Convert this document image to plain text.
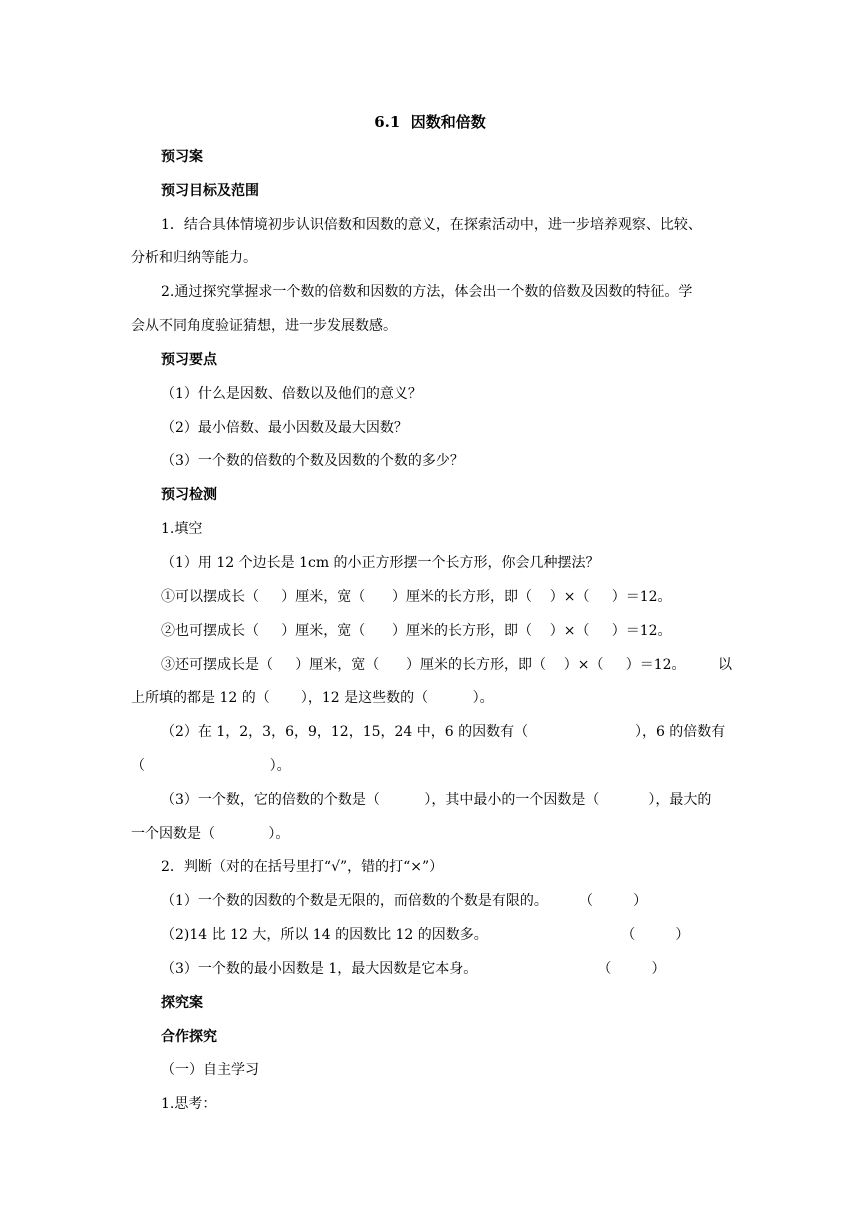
6.1  因数和倍数
预习案
预习目标及范围
1．结合具体情境初步认识倍数和因数的意义，在探索活动中，进一步培养观察、比较、
分析和归纳等能力。
2.通过探究掌握求一个数的倍数和因数的方法，体会出一个数的倍数及因数的特征。学
会从不同角度验证猜想，进一步发展数感。
预习要点
（1）什么是因数、倍数以及他们的意义？
（2）最小倍数、最小因数及最大因数？
（3）一个数的倍数的个数及因数的个数的多少？
预习检测
1.填空
（1）用 12 个边长是 1cm 的小正方形摆一个长方形，你会几种摆法？
①可以摆成长（     ）厘米，宽（      ）厘米的长方形，即（    ）×（     ）＝12。
②也可摆成长（     ）厘米，宽（      ）厘米的长方形，即（    ）×（     ）＝12。
③还可摆成长是（     ）厘米，宽（      ）厘米的长方形，即（    ）×（     ）＝12。 以
上所填的都是 12 的（       ），12 是这些数的（          ）。
（2）在 1，2，3，6，9，12，15，24 中，6 的因数有（                        ），6 的倍数有
（                            ）。
（3）一个数，它的倍数的个数是（          ），其中最小的一个因数是（           ），最大的
一个因数是（            ）。
2．判断（对的在括号里打“√”，错的打“×”）
（1）一个数的因数的个数是无限的，而倍数的个数是有限的。       （         ）
（2)14 比 12 大，所以 14 的因数比 12 的因数多。                              （         ）
（3）一个数的最小因数是 1，最大因数是它本身。                           （         ）
探究案
合作探究
（一）自主学习
1.思考：
